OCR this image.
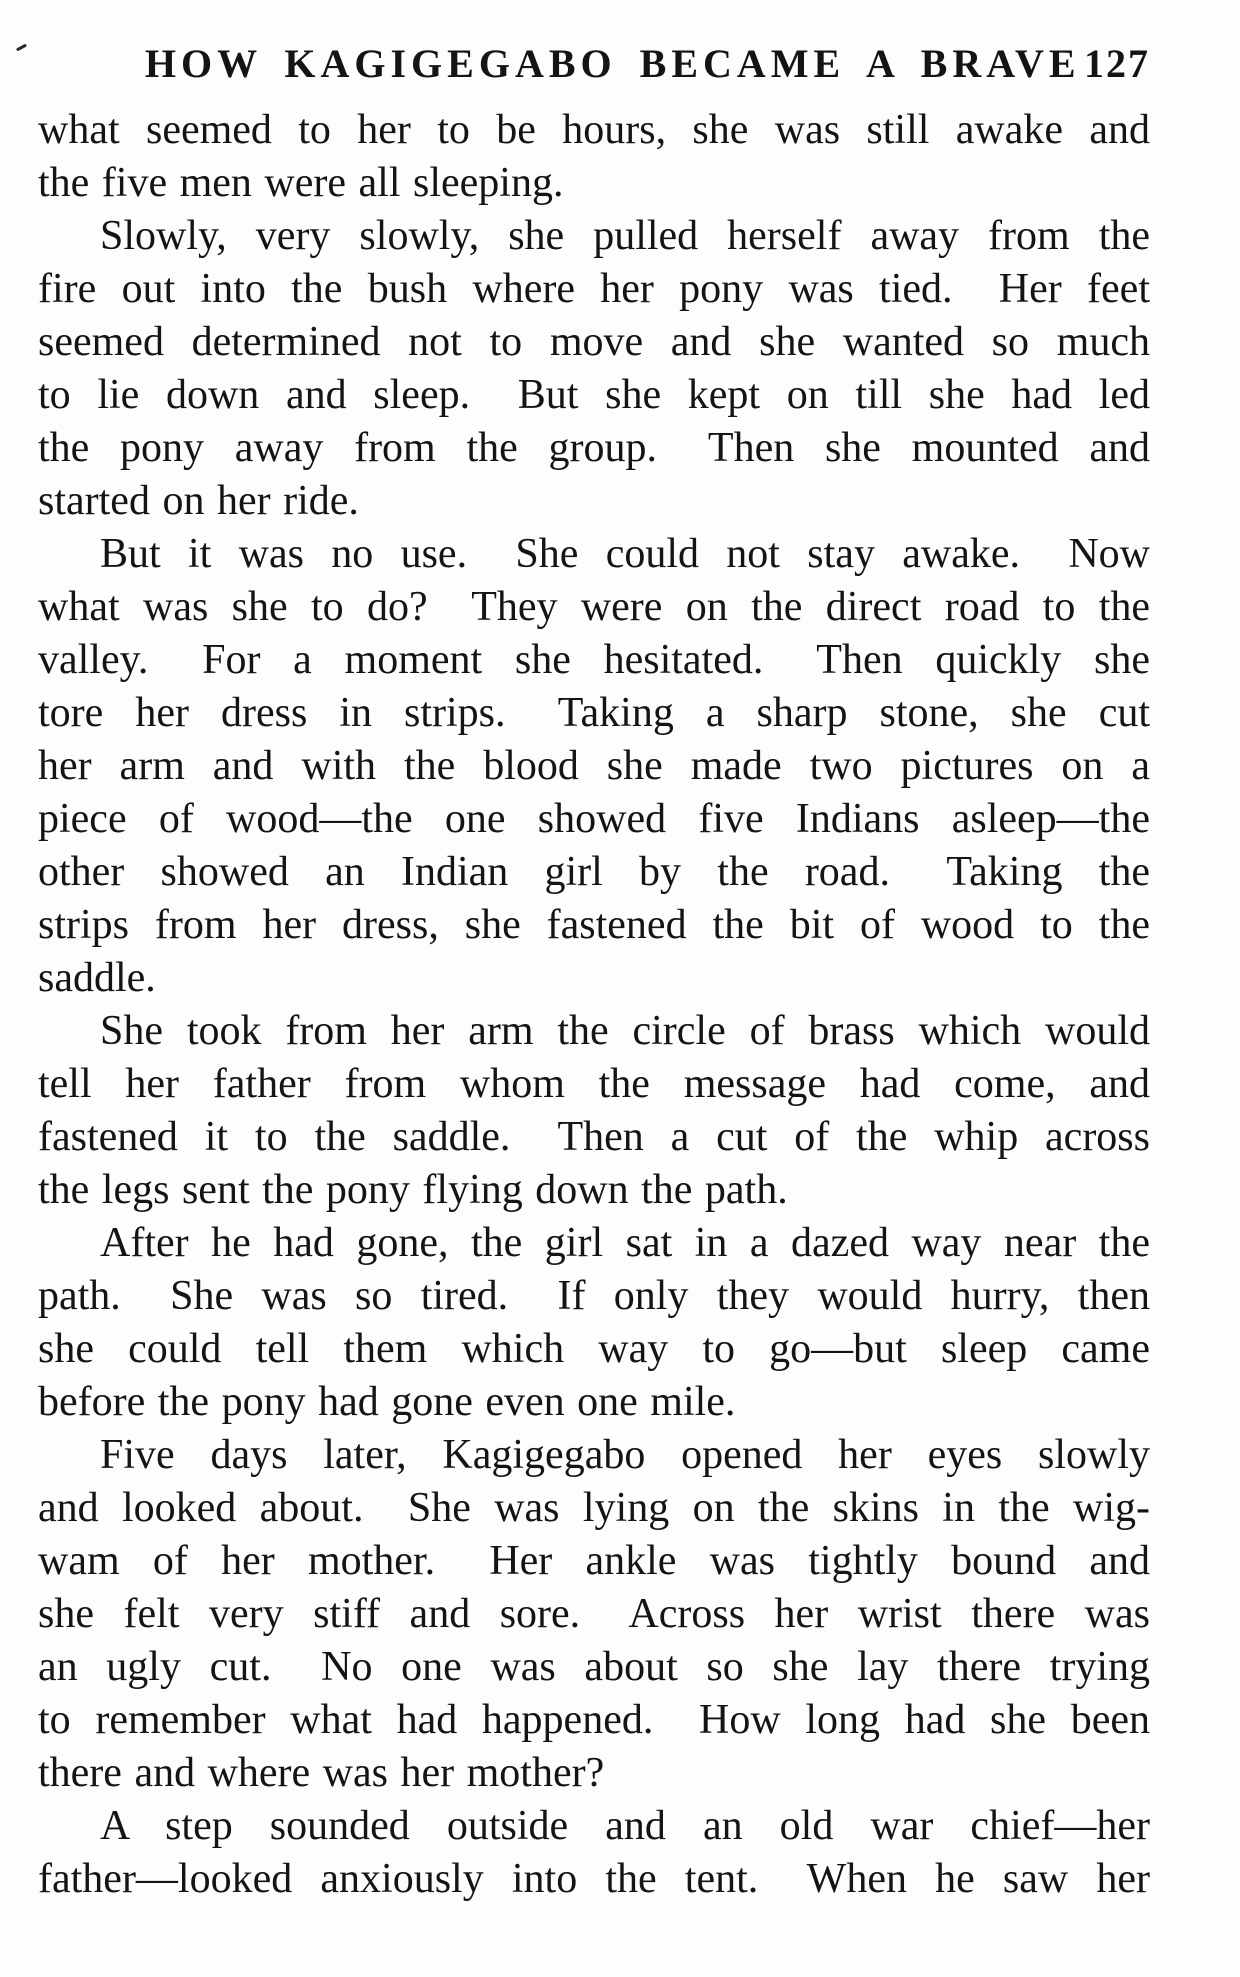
HOW KAGIGEGABO BECAME A BRAVE 127
what seemed to her to be hours, she was still awake and
the five men were all sleeping.
Slowly, very slowly, she pulled herself away from the
fire out into the bush where her pony was tied.  Her feet
seemed determined not to move and she wanted so much
to lie down and sleep.  But she kept on till she had led
the pony away from the group.  Then she mounted and
started on her ride.
But it was no use.  She could not stay awake.  Now
what was she to do?  They were on the direct road to the
valley.  For a moment she hesitated.  Then quickly she
tore her dress in strips.  Taking a sharp stone, she cut
her arm and with the blood she made two pictures on a
piece of wood—the one showed five Indians asleep—the
other showed an Indian girl by the road.  Taking the
strips from her dress, she fastened the bit of wood to the
saddle.
She took from her arm the circle of brass which would
tell her father from whom the message had come, and
fastened it to the saddle.  Then a cut of the whip across
the legs sent the pony flying down the path.
After he had gone, the girl sat in a dazed way near the
path.  She was so tired.  If only they would hurry, then
she could tell them which way to go—but sleep came
before the pony had gone even one mile.
Five days later, Kagigegabo opened her eyes slowly
and looked about.  She was lying on the skins in the wig-
wam of her mother.  Her ankle was tightly bound and
she felt very stiff and sore.  Across her wrist there was
an ugly cut.  No one was about so she lay there trying
to remember what had happened.  How long had she been
there and where was her mother?
A step sounded outside and an old war chief—her
father—looked anxiously into the tent.  When he saw her
